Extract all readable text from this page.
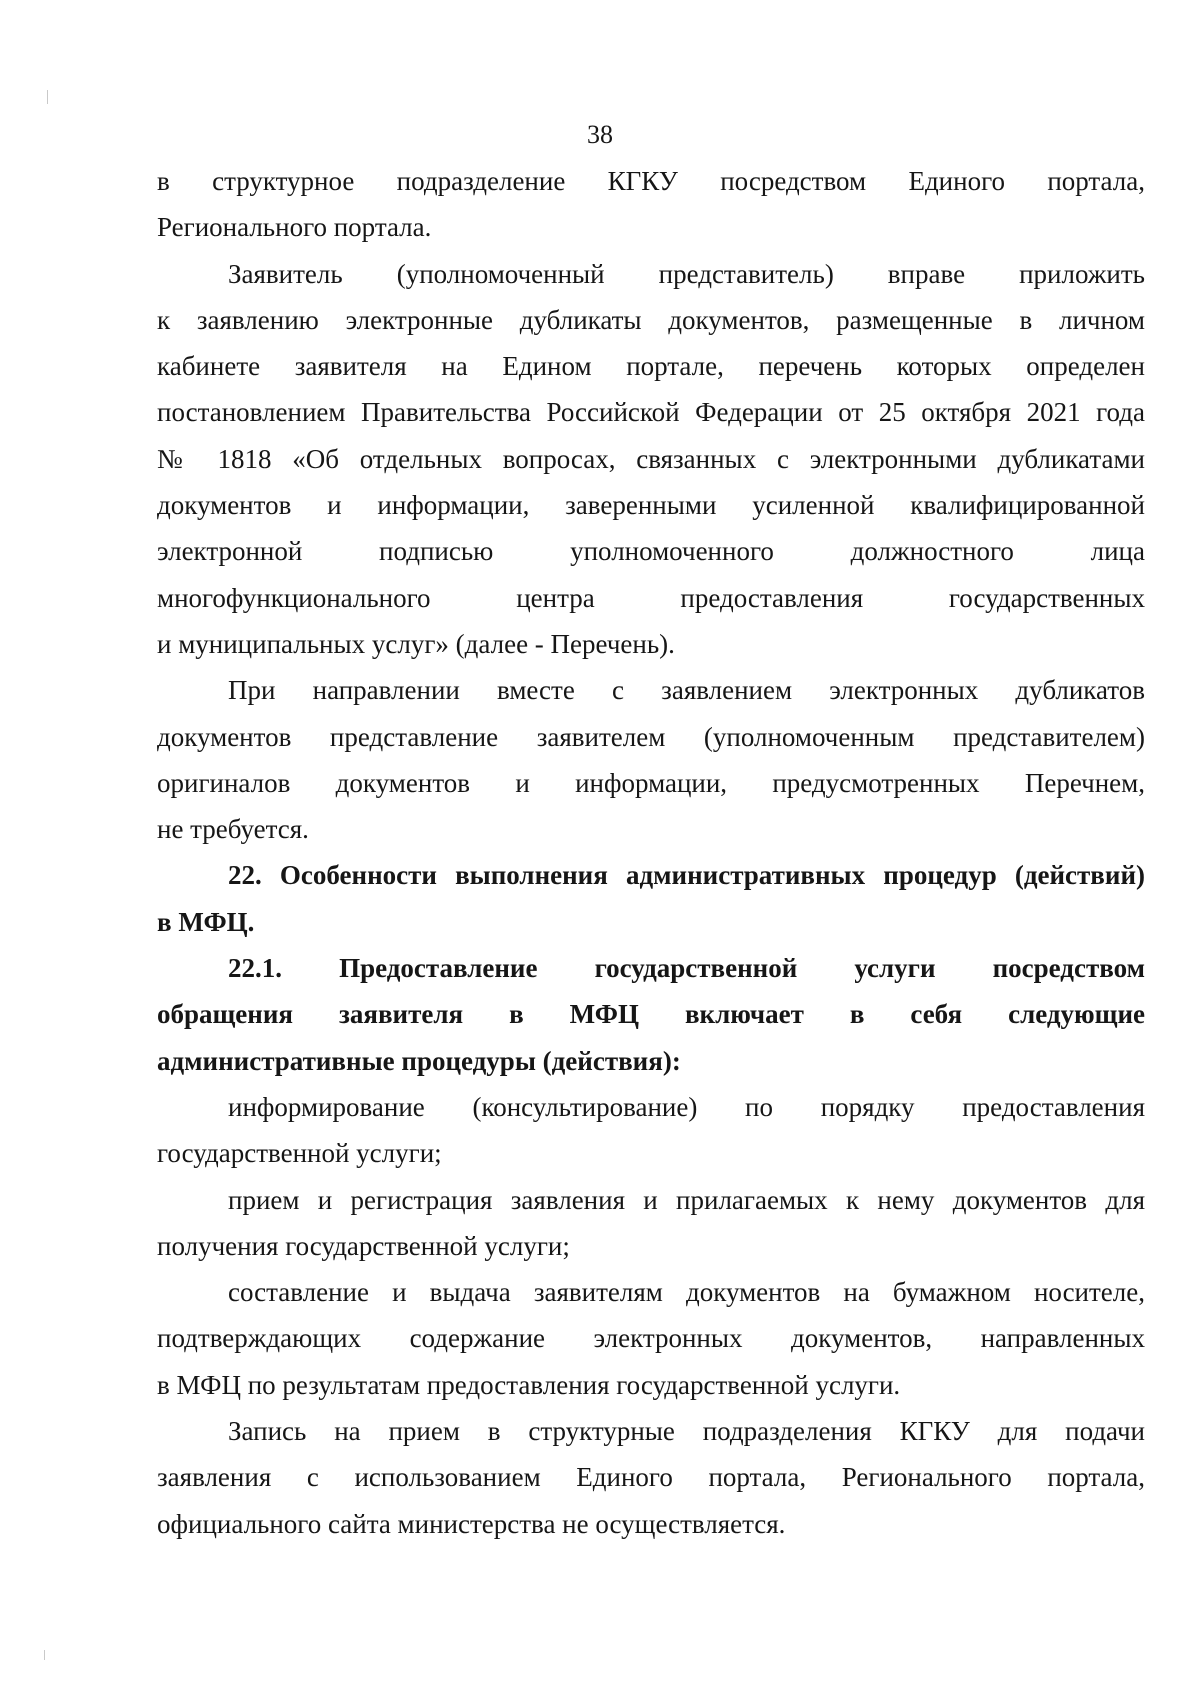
38
в структурное подразделение КГКУ посредством Единого портала,
Регионального портала.
Заявитель (уполномоченный представитель) вправе приложить
к заявлению электронные дубликаты документов, размещенные в личном
кабинете заявителя на Едином портале, перечень которых определен
постановлением Правительства Российской Федерации от 25 октября 2021 года
№ 1818 «Об отдельных вопросах, связанных с электронными дубликатами
документов и информации, заверенными усиленной квалифицированной
электронной подписью уполномоченного должностного лица
многофункционального центра предоставления государственных
и муниципальных услуг» (далее - Перечень).
При направлении вместе с заявлением электронных дубликатов
документов представление заявителем (уполномоченным представителем)
оригиналов документов и информации, предусмотренных Перечнем,
не требуется.
22. Особенности выполнения административных процедур (действий)
в МФЦ.
22.1. Предоставление государственной услуги посредством
обращения заявителя в МФЦ включает в себя следующие
административные процедуры (действия):
информирование (консультирование) по порядку предоставления
государственной услуги;
прием и регистрация заявления и прилагаемых к нему документов для
получения государственной услуги;
составление и выдача заявителям документов на бумажном носителе,
подтверждающих содержание электронных документов, направленных
в МФЦ по результатам предоставления государственной услуги.
Запись на прием в структурные подразделения КГКУ для подачи
заявления с использованием Единого портала, Регионального портала,
официального сайта министерства не осуществляется.
